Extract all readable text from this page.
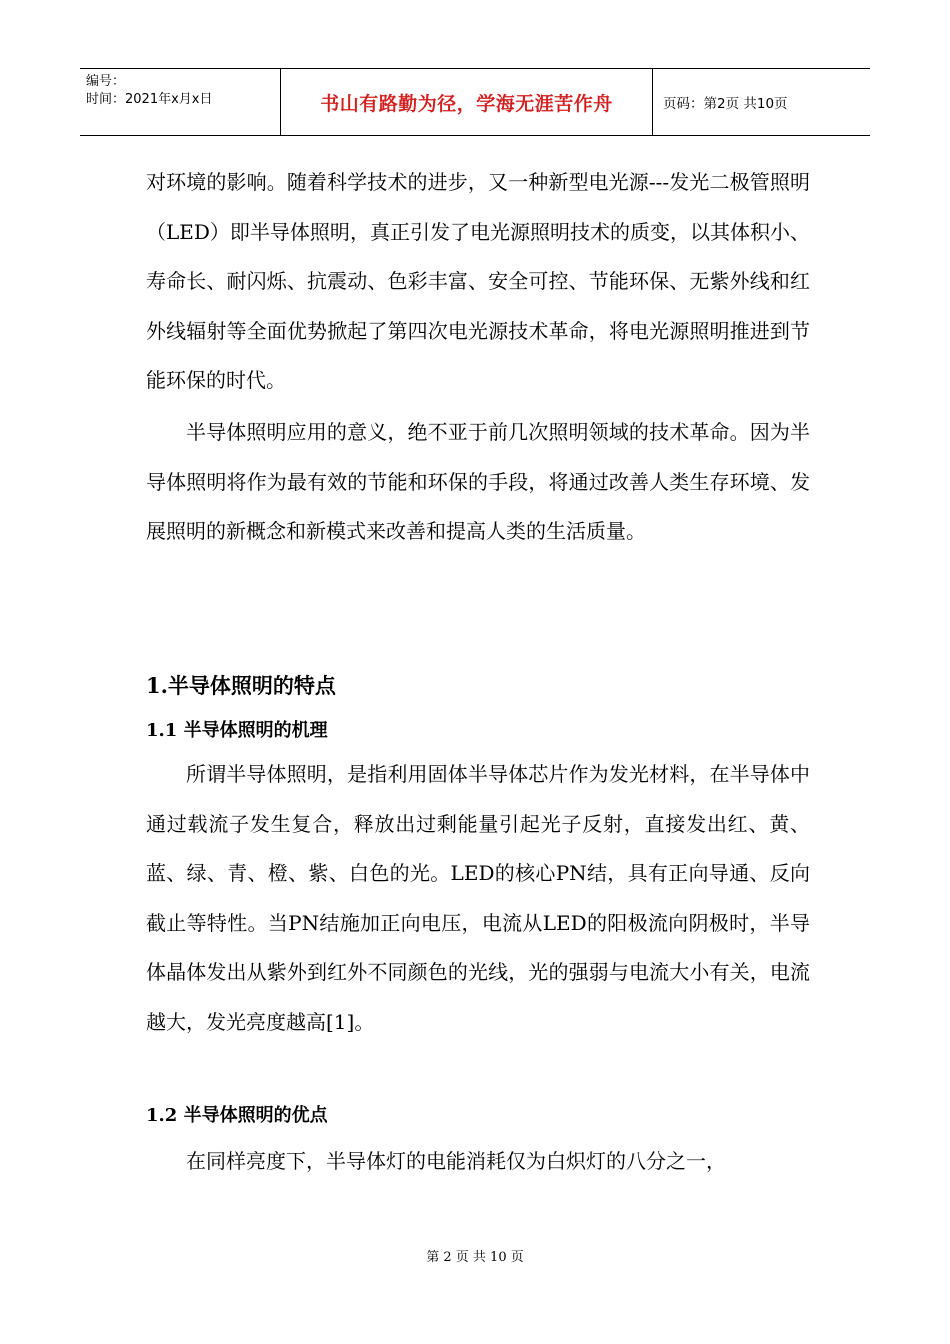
编号：
时间：2021年x月x日	书山有路勤为径，学海无涯苦作舟	页码：第2页 共10页

对环境的影响。随着科学技术的进步，又一种新型电光源---发光二极管照明（LED）即半导体照明，真正引发了电光源照明技术的质变，以其体积小、寿命长、耐闪烁、抗震动、色彩丰富、安全可控、节能环保、无紫外线和红外线辐射等全面优势掀起了第四次电光源技术革命，将电光源照明推进到节能环保的时代。

半导体照明应用的意义，绝不亚于前几次照明领域的技术革命。因为半导体照明将作为最有效的节能和环保的手段，将通过改善人类生存环境、发展照明的新概念和新模式来改善和提高人类的生活质量。

1.半导体照明的特点
1.1 半导体照明的机理

所谓半导体照明，是指利用固体半导体芯片作为发光材料，在半导体中通过载流子发生复合，释放出过剩能量引起光子反射，直接发出红、黄、蓝、绿、青、橙、紫、白色的光。LED的核心PN结，具有正向导通、反向截止等特性。当PN结施加正向电压，电流从LED的阳极流向阴极时，半导体晶体发出从紫外到红外不同颜色的光线，光的强弱与电流大小有关，电流越大，发光亮度越高[1]。

1.2 半导体照明的优点

在同样亮度下，半导体灯的电能消耗仅为白炽灯的八分之一，

第 2 页 共 10 页
